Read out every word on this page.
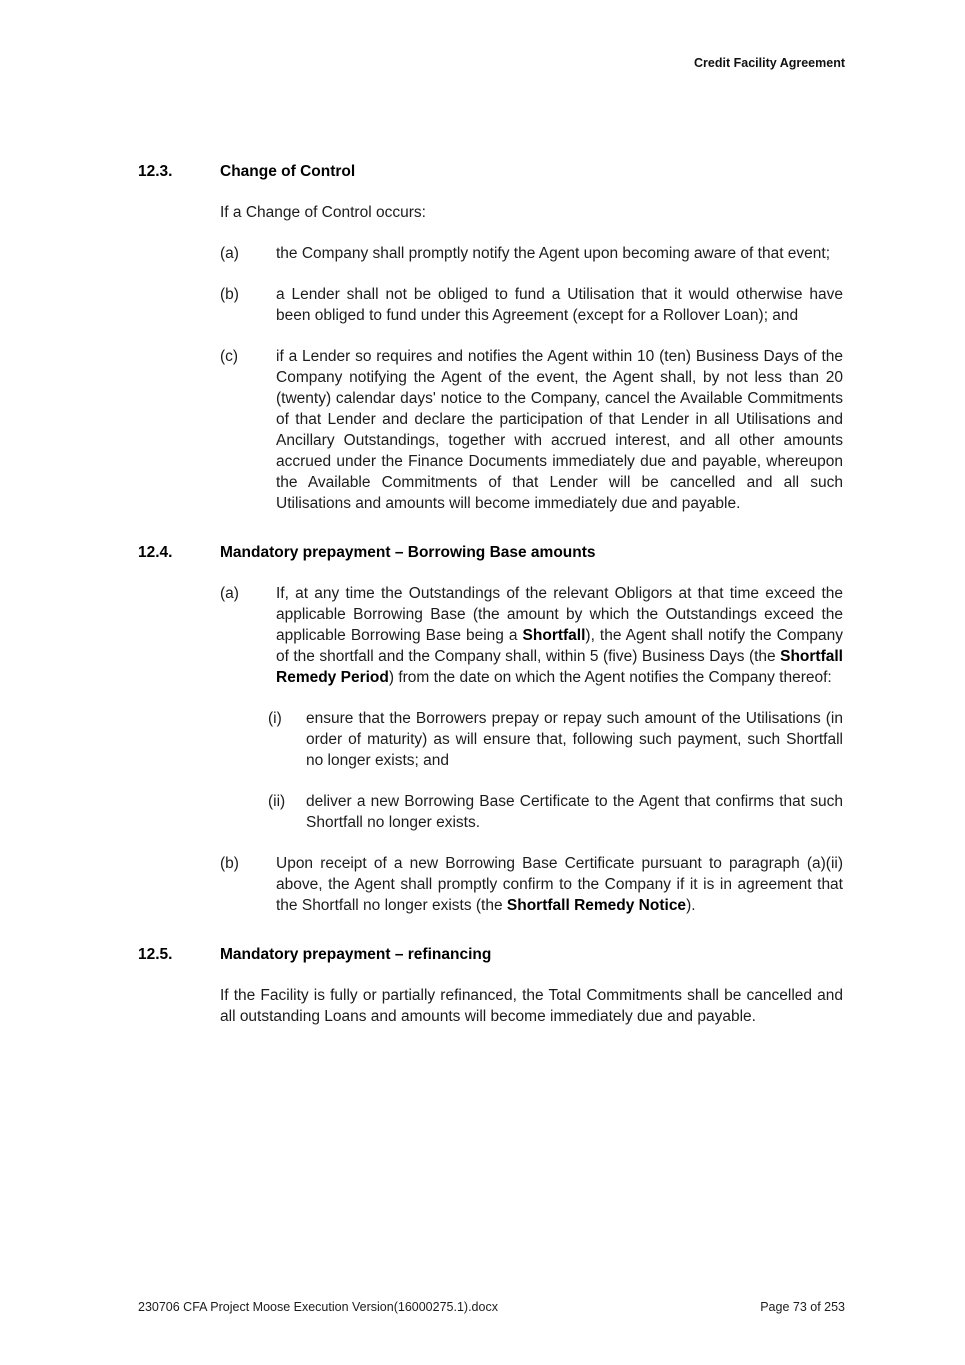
Credit Facility Agreement
12.3.	Change of Control

If a Change of Control occurs:

(a)	the Company shall promptly notify the Agent upon becoming aware of that event;
(b)	a Lender shall not be obliged to fund a Utilisation that it would otherwise have been obliged to fund under this Agreement (except for a Rollover Loan); and
(c)	if a Lender so requires and notifies the Agent within 10 (ten) Business Days of the Company notifying the Agent of the event, the Agent shall, by not less than 20 (twenty) calendar days' notice to the Company, cancel the Available Commitments of that Lender and declare the participation of that Lender in all Utilisations and Ancillary Outstandings, together with accrued interest, and all other amounts accrued under the Finance Documents immediately due and payable, whereupon the Available Commitments of that Lender will be cancelled and all such Utilisations and amounts will become immediately due and payable.
12.4.	Mandatory prepayment – Borrowing Base amounts
(a)	If, at any time the Outstandings of the relevant Obligors at that time exceed the applicable Borrowing Base (the amount by which the Outstandings exceed the applicable Borrowing Base being a Shortfall), the Agent shall notify the Company of the shortfall and the Company shall, within 5 (five) Business Days (the Shortfall Remedy Period) from the date on which the Agent notifies the Company thereof:
(i)	ensure that the Borrowers prepay or repay such amount of the Utilisations (in order of maturity) as will ensure that, following such payment, such Shortfall no longer exists; and
(ii)	deliver a new Borrowing Base Certificate to the Agent that confirms that such Shortfall no longer exists.
(b)	Upon receipt of a new Borrowing Base Certificate pursuant to paragraph (a)(ii) above, the Agent shall promptly confirm to the Company if it is in agreement that the Shortfall no longer exists (the Shortfall Remedy Notice).
12.5.	Mandatory prepayment – refinancing

If the Facility is fully or partially refinanced, the Total Commitments shall be cancelled and all outstanding Loans and amounts will become immediately due and payable.

230706 CFA Project Moose Execution Version(16000275.1).docx	Page 73 of 253
